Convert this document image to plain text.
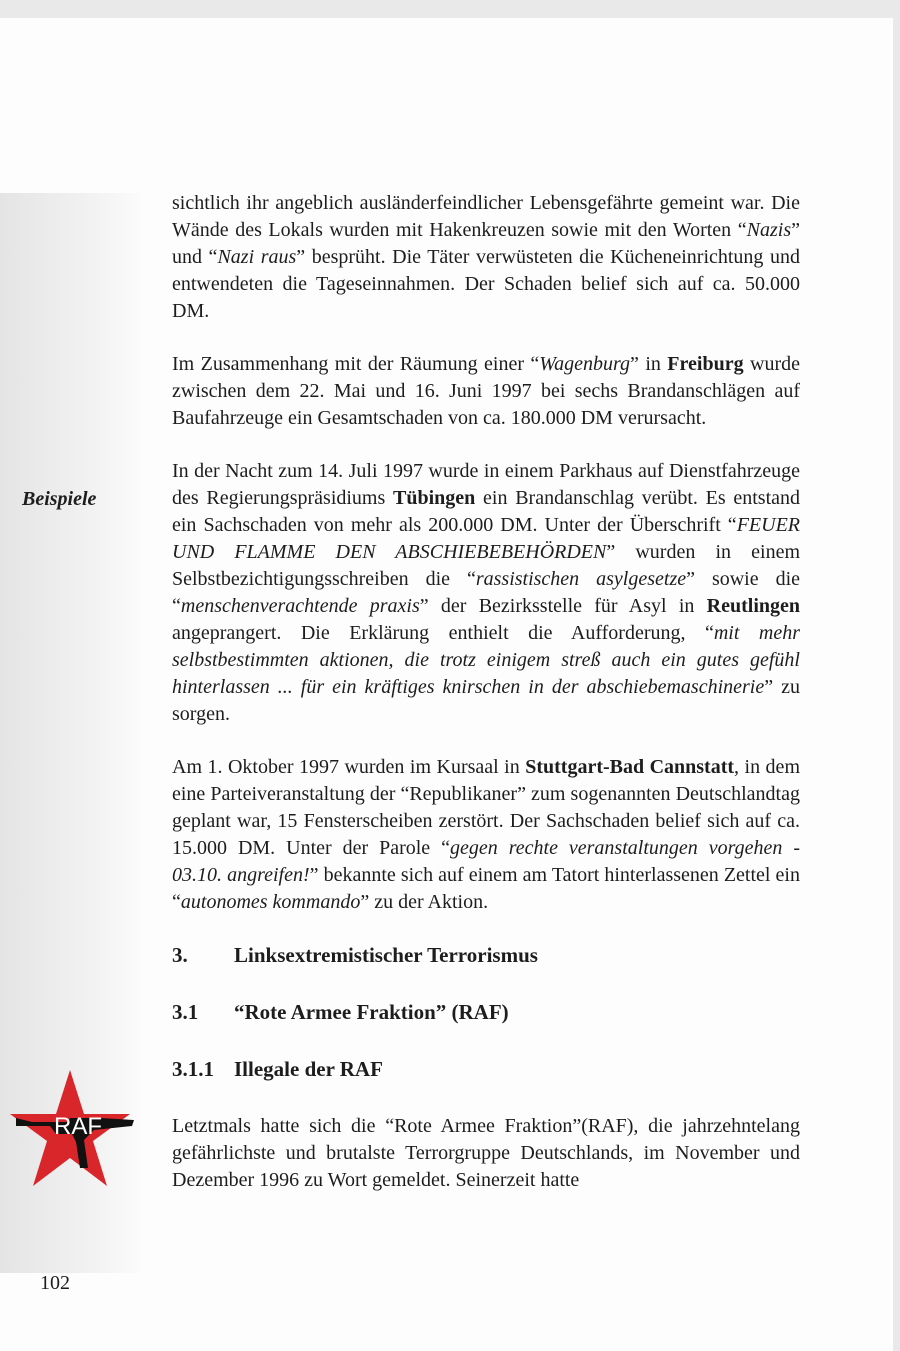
Beispiele

sichtlich ihr angeblich ausländerfeindlicher Lebensgefährte gemeint war. Die Wände des Lokals wurden mit Hakenkreuzen sowie mit den Worten “Nazis” und “Nazi raus” besprüht. Die Täter verwüsteten die Kücheneinrichtung und entwendeten die Tageseinnahmen. Der Schaden belief sich auf ca. 50.000 DM.

Im Zusammenhang mit der Räumung einer “Wagenburg” in Freiburg wurde zwischen dem 22. Mai und 16. Juni 1997 bei sechs Brandanschlägen auf Baufahrzeuge ein Gesamtschaden von ca. 180.000 DM verursacht.

In der Nacht zum 14. Juli 1997 wurde in einem Parkhaus auf Dienstfahrzeuge des Regierungspräsidiums Tübingen ein Brandanschlag verübt. Es entstand ein Sachschaden von mehr als 200.000 DM. Unter der Überschrift “FEUER UND FLAMME DEN ABSCHIEBEBEHÖRDEN” wurden in einem Selbstbezichtigungsschreiben die “rassistischen asylgesetze” sowie die “menschenverachtende praxis” der Bezirksstelle für Asyl in Reutlingen angeprangert. Die Erklärung enthielt die Aufforderung, “mit mehr selbstbestimmten aktionen, die trotz einigem streß auch ein gutes gefühl hinterlassen ... für ein kräftiges knirschen in der abschiebemaschinerie” zu sorgen.

Am 1. Oktober 1997 wurden im Kursaal in Stuttgart-Bad Cannstatt, in dem eine Parteiveranstaltung der “Republikaner” zum sogenannten Deutschlandtag geplant war, 15 Fensterscheiben zerstört. Der Sachschaden belief sich auf ca. 15.000 DM. Unter der Parole “gegen rechte veranstaltungen vorgehen - 03.10. angreifen!” bekannte sich auf einem am Tatort hinterlassenen Zettel ein “autonomes kommando” zu der Aktion.

3.	Linksextremistischer Terrorismus
3.1	“Rote Armee Fraktion” (RAF)
3.1.1 Illegale der RAF

Letztmals hatte sich die “Rote Armee Fraktion”(RAF), die jahrzehntelang gefährlichste und brutalste Terrorgruppe Deutschlands, im November und Dezember 1996 zu Wort gemeldet. Seinerzeit hatte

RAF
102
